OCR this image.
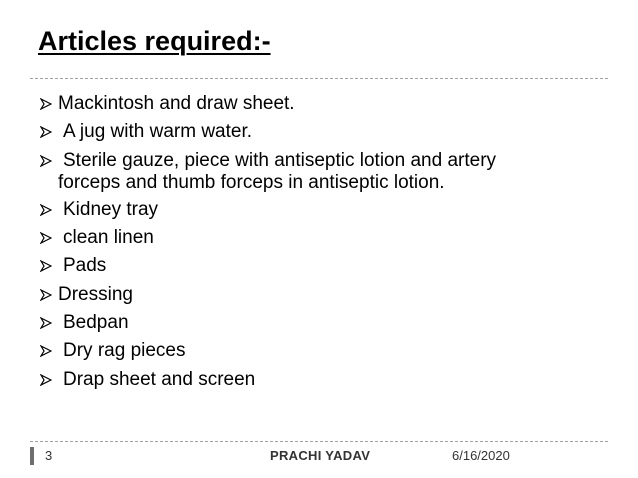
Articles required:-
Mackintosh and draw sheet.
A jug with warm water.
Sterile gauze, piece with antiseptic lotion and artery forceps and thumb forceps in antiseptic lotion.
Kidney tray
clean linen
Pads
Dressing
Bedpan
Dry rag pieces
Drap sheet and screen
3	PRACHI YADAV	6/16/2020
